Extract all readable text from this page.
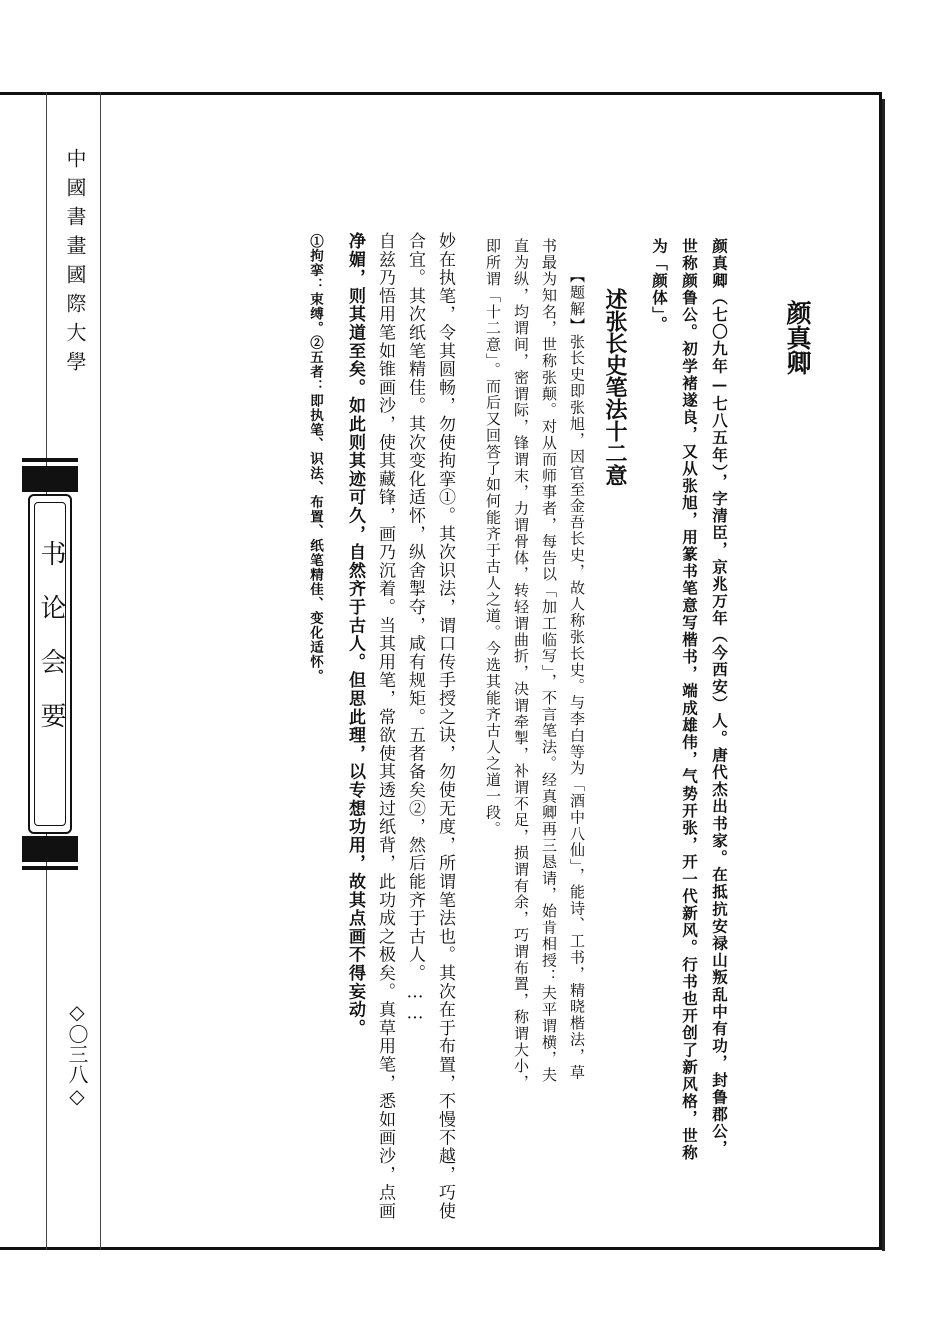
中國書畫國際大學
书论会要
◇〇三八◇
颜真卿
颜真卿（七〇九年—七八五年），字清臣，京兆万年（今西安）人。唐代杰出书家。在抵抗安禄山叛乱中有功，封鲁郡公，
世称颜鲁公。初学褚遂良，又从张旭，用篆书笔意写楷书，端成雄伟，气势开张，开一代新风。行书也开创了新风格，世称
为「颜体」。
述张长史笔法十二意
【题解】张长史即张旭，因官至金吾长史，故人称张长史。与李白等为「酒中八仙」，能诗、工书，精晓楷法，草
书最为知名，世称张颠。对从而师事者，每告以「加工临写」，不言笔法。经真卿再三恳请，始肯相授：夫平谓横，夫
直为纵，均谓间，密谓际，锋谓末，力谓骨体，转轻谓曲折，决谓牵掣，补谓不足，损谓有余，巧谓布置，称谓大小，
即所谓「十二意」。而后又回答了如何能齐于古人之道。今选其能齐古人之道一段。
妙在执笔，令其圆畅，勿使拘挛①。其次识法，谓口传手授之诀，勿使无度，所谓笔法也。其次在于布置，不慢不越，巧使
合宜。其次纸笔精佳。其次变化适怀，纵舍掣夺，咸有规矩。五者备矣②，然后能齐于古人。……
自兹乃悟用笔如锥画沙，使其藏锋，画乃沉着。当其用笔，常欲使其透过纸背，此功成之极矣。真草用笔，悉如画沙，点画
净媚，则其道至矣。如此则其迹可久，自然齐于古人。但思此理，以专想功用，故其点画不得妄动。
①拘挛：束缚。②五者：即执笔、识法、布置、纸笔精佳、变化适怀。
